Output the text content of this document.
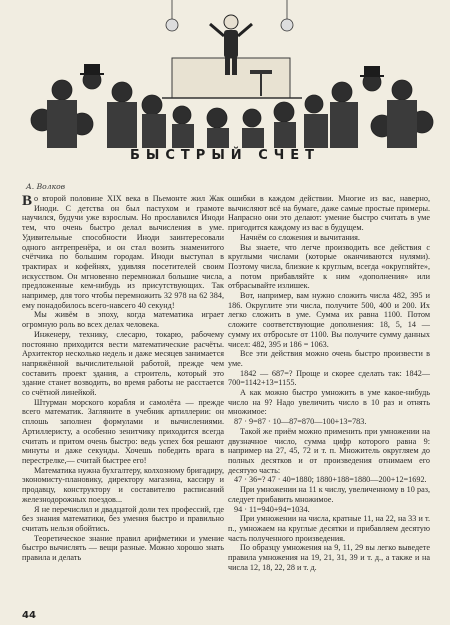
БЫСТРЫЙ СЧЕТ
А. Волков

Во второй половине XIX века в Пьемонте жил Жак Иноди. С детства он был пастухом и грамоте научился, будучи уже взрослым. Но прославился Иноди тем, что очень быстро делал вычисления в уме. Удивительные способности Иноди заинтересовали одного антрепренёра, и он стал возить знаменитого счётчика по большим городам. Иноди выступал в трактирах и кофейнях, удивляя посетителей своим искусством. Он мгновенно перемножал большие числа, предложенные кем-нибудь из присутствующих. Так например, для того чтобы перемножить 32 978 на 62 384, ему понадобилось всего-навсего 40 секунд!

Мы живём в эпоху, когда математика играет огромную роль во всех делах человека.

Инженеру, технику, слесарю, токарю, рабочему постоянно приходится вести математические расчёты. Архитектор несколько недель и даже месяцев занимается напряжённой вычислительной работой, прежде чем составить проект здания, а строитель, который это здание станет возводить, во время работы не расстается со счётной линейкой.

Штурман морского корабля и самолёта — прежде всего математик. Загляните в учебник артиллерии: он сплошь заполнен формулами и вычислениями. Артиллеристу, а особенно зенитчику приходится всегда считать и притом очень быстро: ведь успех боя решают минуты и даже секунды. Хочешь победить врага в перестрелке,— считай быстрее его!

Математика нужна бухгалтеру, колхозному бригадиру, экономисту-плановику, директору магазина, кассиру и продавцу, конструктору и составителю расписаний железнодорожных поездов...

Я не перечислил и двадцатой доли тех профессий, где без знания математики, без умения быстро и правильно считать нельзя обойтись.

Теоретическое знание правил арифметики и умение быстро вычислять — вещи разные. Можно хорошо знать правила и делать

ошибки в каждом действии. Многие из вас, наверно, вычисляют всё на бумаге, даже самые простые примеры. Напрасно они это делают: умение быстро считать в уме пригодится каждому из вас в будущем.

Начнём со сложения и вычитания.

Вы знаете, что легче производить все действия с круглыми числами (которые оканчиваются нулями). Поэтому числа, близкие к круглым, всегда «округляйте», а потом прибавляйте к ним «дополнения» или отбрасывайте излишек.

Вот, например, вам нужно сложить числа 482, 395 и 186. Округлите эти числа, получите 500, 400 и 200. Их легко сложить в уме. Сумма их равна 1100. Потом сложите соответствующие дополнения: 18, 5, 14 — сумму их отбросьте от 1100. Вы получите сумму данных чисел: 482, 395 и 186 = 1063.

Все эти действия можно очень быстро произвести в уме.

1842 — 687=? Проще и скорее сделать так: 1842—700=1142+13=1155.

А как можно быстро умножить в уме какое-нибудь число на 9? Надо увеличить число в 10 раз и отнять множимое:

87 · 9=87 · 10—87=870—100+13=783.

Такой же приём можно применить при умножении на двузначное число, сумма цифр которого равна 9: например на 27, 45, 72 и т. п. Множитель округляем до полных десятков и от произведения отнимаем его десятую часть:

47 · 36=? 47 · 40=1880; 1880+188=1880—200+12=1692.

При умножении на 11 к числу, увеличенному в 10 раз, следует прибавить множимое.

94 · 11=940+94=1034.

При умножении на числа, кратные 11, на 22, на 33 и т. п., умножаем на круглые десятки и прибавляем десятую часть полученного произведения.

По образцу умножения на 9, 11, 29 вы легко выведете правила умножения на 19, 21, 31, 39 и т. д., а также и на числа 12, 18, 22, 28 и т. д.

44
